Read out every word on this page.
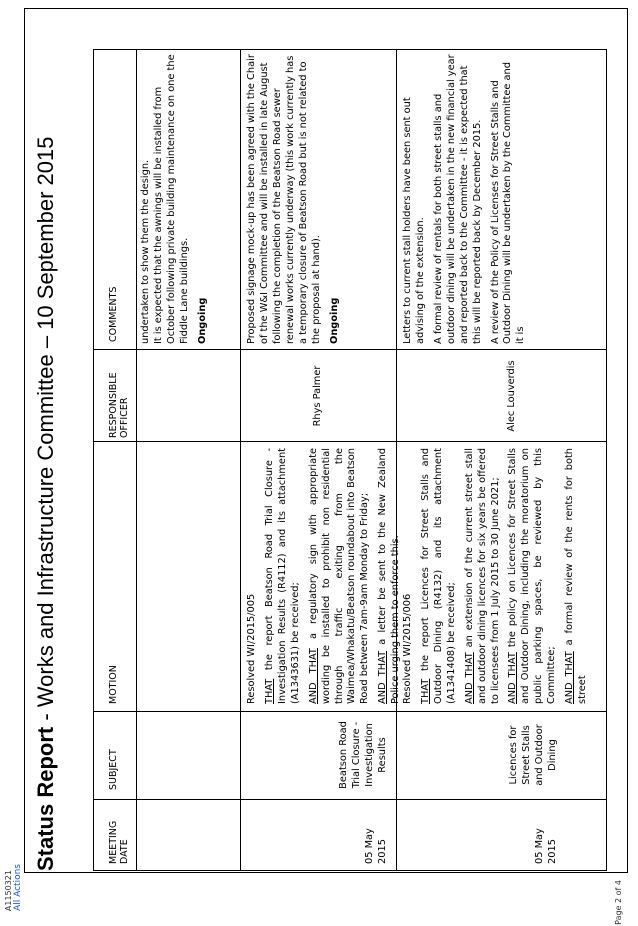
All Actions
A1150321	Page 2 of 4
Status Report - Works and Infrastructure Committee – 10 September 2015
MEETING DATE
SUBJECT
MOTION
RESPONSIBLE OFFICER
COMMENTS undertaken to show them the design. It is expected that the awnings will be installed from October following private building maintenance on one the Fiddle Lane buildings. Ongoing

05 May 2015
Beatson Road Trial Closure - Investigation Results

Resolved WI/2015/005 THAT the report Beatson Road Trial Closure - Investigation Results (R4112) and its attachment (A1343631) be received; AND THAT a regulatory sign with appropriate wording be installed to prohibit non residential through traffic exiting from the Waimea/Whakatu/Beatson roundabout into Beatson Road between 7am-9am Monday to Friday; AND THAT a letter be sent to the New Zealand Police urging them to enforce this.

Rhys Palmer

Proposed signage mock-up has been agreed with the Chair of the W&I Committee and will be installed in late August following the completion of the Beatson Road sewer renewal works currently underway (this work currently has a temporary closure of Beatson Road but is not related to the proposal at hand). Ongoing

05 May 2015
Licences for Street Stalls and Outdoor Dining

Resolved WI/2015/006 THAT the report Licences for Street Stalls and Outdoor Dining (R4132) and its attachment (A1341408) be received; AND THAT an extension of the current street stall and outdoor dining licences for six years be offered to licensees from 1 July 2015 to 30 June 2021; AND THAT the policy on Licences for Street Stalls and Outdoor Dining, including the moratorium on public parking spaces, be reviewed by this Committee; AND THAT a formal review of the rents for both street

Alec Louverdis

Letters to current stall holders have been sent out advising of the extension. A formal review of rentals for both street stalls and outdoor dining will be undertaken in the new financial year and reported back to the Committee - it is expected that this will be reported back by December 2015. A review of the Policy of Licenses for Street Stalls and Outdoor Dining will be undertaken by the Committee and it is
